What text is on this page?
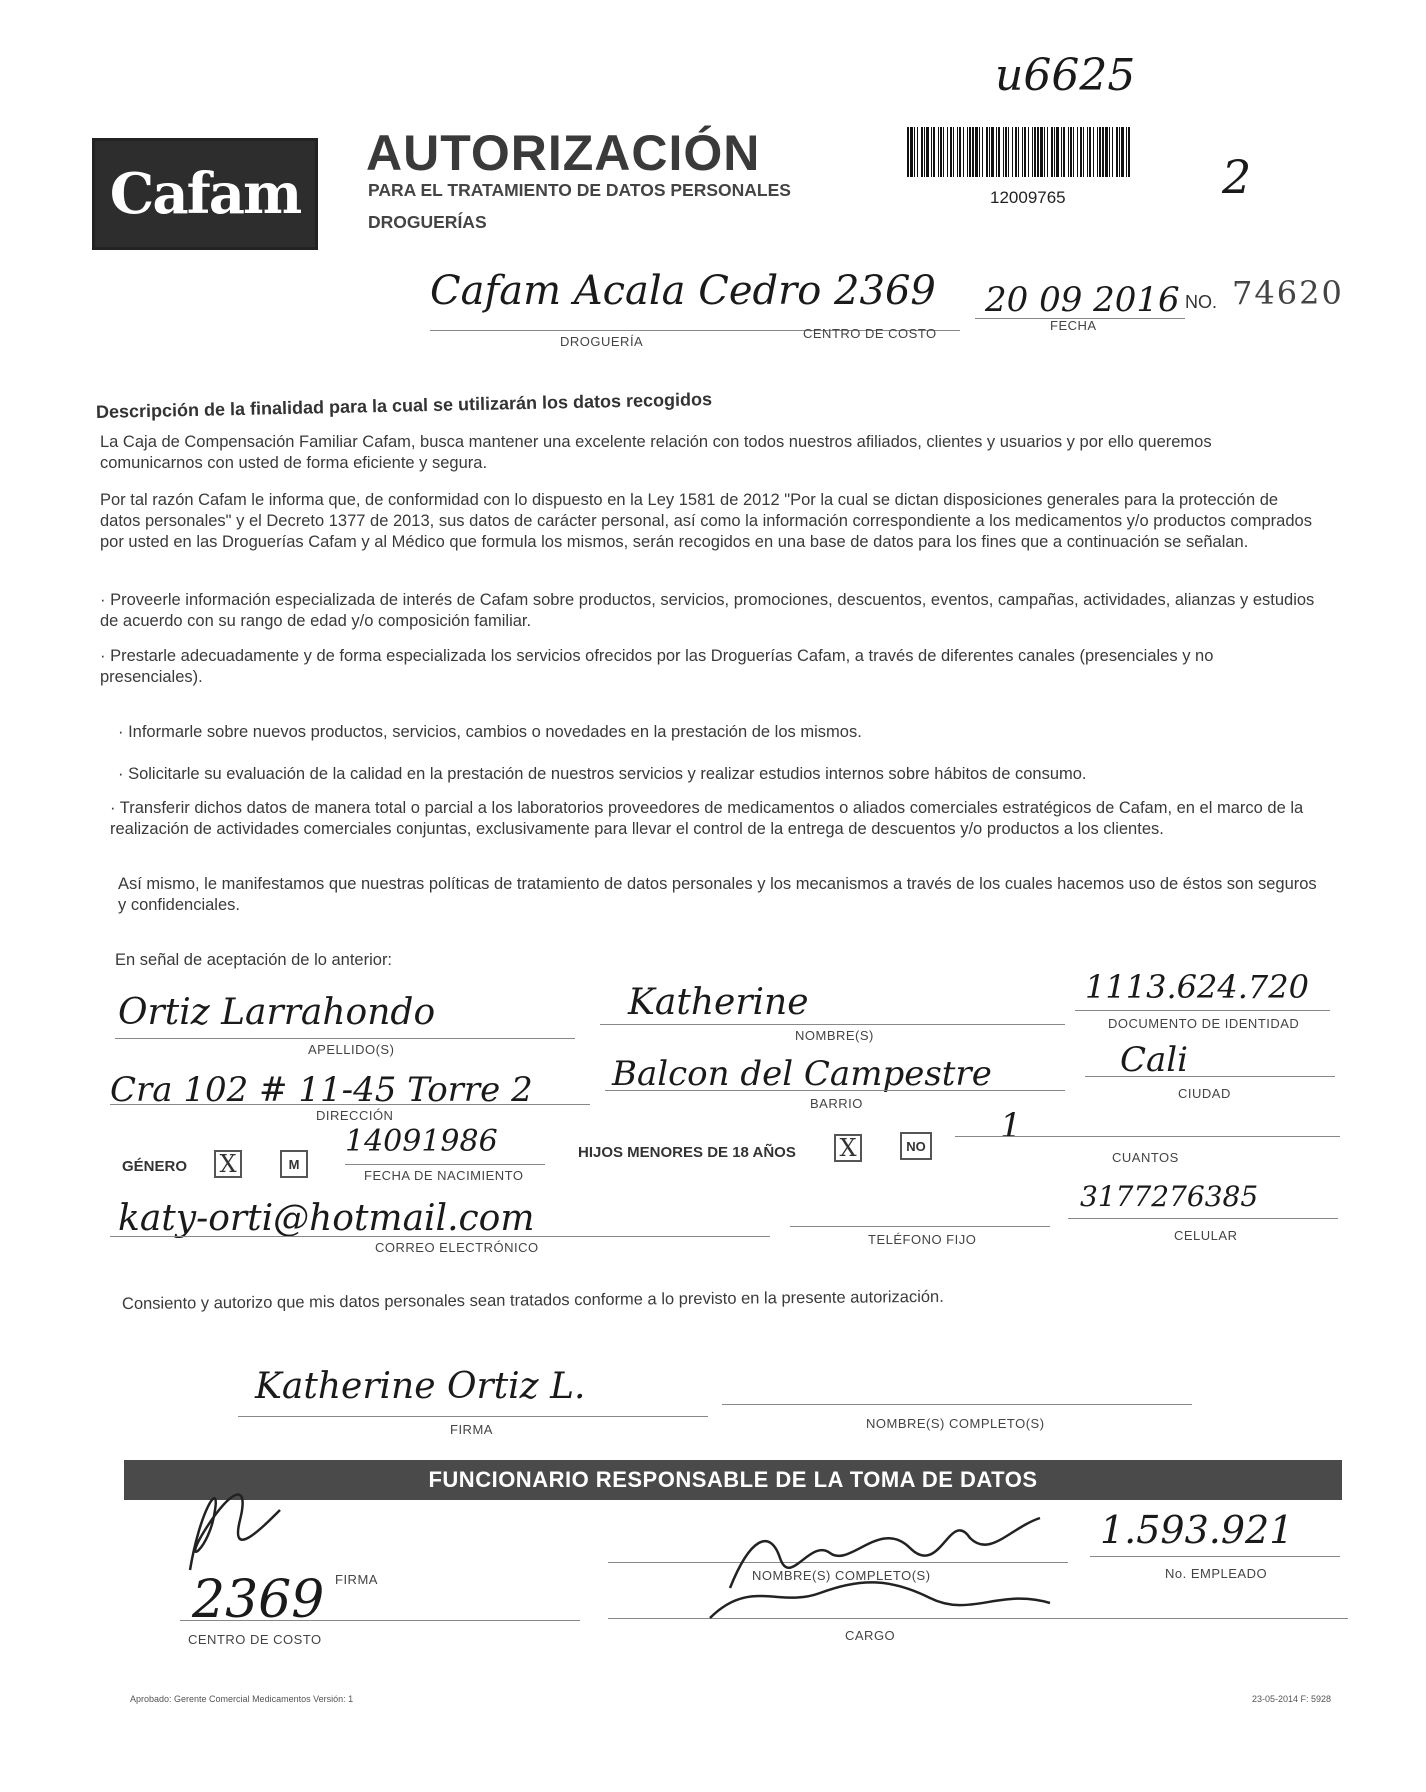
u6625
2
Cafam
AUTORIZACIÓN
PARA EL TRATAMIENTO DE DATOS PERSONALES
DROGUERÍAS
12009765
Cafam Acala Cedro 2369
DROGUERÍA
CENTRO DE COSTO
20 09 2016
FECHA
NO. 74620
Descripción de la finalidad para la cual se utilizarán los datos recogidos
La Caja de Compensación Familiar Cafam, busca mantener una excelente relación con todos nuestros afiliados, clientes y usuarios y por ello queremos comunicarnos con usted de forma eficiente y segura.
Por tal razón Cafam le informa que, de conformidad con lo dispuesto en la Ley 1581 de 2012 "Por la cual se dictan disposiciones generales para la protección de datos personales" y el Decreto 1377 de 2013, sus datos de carácter personal, así como la información correspondiente a los medicamentos y/o productos comprados por usted en las Droguerías Cafam y al Médico que formula los mismos, serán recogidos en una base de datos para los fines que a continuación se señalan.
· Proveerle información especializada de interés de Cafam sobre productos, servicios, promociones, descuentos, eventos, campañas, actividades, alianzas y estudios de acuerdo con su rango de edad y/o composición familiar.
· Prestarle adecuadamente y de forma especializada los servicios ofrecidos por las Droguerías Cafam, a través de diferentes canales (presenciales y no presenciales).
· Informarle sobre nuevos productos, servicios, cambios o novedades en la prestación de los mismos.
· Solicitarle su evaluación de la calidad en la prestación de nuestros servicios y realizar estudios internos sobre hábitos de consumo.
· Transferir dichos datos de manera total o parcial a los laboratorios proveedores de medicamentos o aliados comerciales estratégicos de Cafam, en el marco de la realización de actividades comerciales conjuntas, exclusivamente para llevar el control de la entrega de descuentos y/o productos a los clientes.
Así mismo, le manifestamos que nuestras políticas de tratamiento de datos personales y los mecanismos a través de los cuales hacemos uso de éstos son seguros y confidenciales.
En señal de aceptación de lo anterior:
Ortiz Larrahondo
APELLIDO(S)
Katherine
NOMBRE(S)
1113.624.720
DOCUMENTO DE IDENTIDAD
Cra 102 # 11-45 Torre 2
DIRECCIÓN
Balcon del Campestre
BARRIO
Cali
CIUDAD
GÉNERO X	M
14091986
FECHA DE NACIMIENTO
HIJOS MENORES DE 18 AÑOS X	NO 1
CUANTOS
katy-orti@hotmail.com
CORREO ELECTRÓNICO
TELÉFONO FIJO
3177276385
CELULAR
Consiento y autorizo que mis datos personales sean tratados conforme a lo previsto en la presente autorización.
Katherine Ortiz L.
FIRMA	NOMBRE(S) COMPLETO(S)
FUNCIONARIO RESPONSABLE DE LA TOMA DE DATOS
2369 FIRMA
CENTRO DE COSTO
NOMBRE(S) COMPLETO(S)
1.593.921
No. EMPLEADO
CARGO
Aprobado: Gerente Comercial Medicamentos Versión: 1	23-05-2014 F: 5928
